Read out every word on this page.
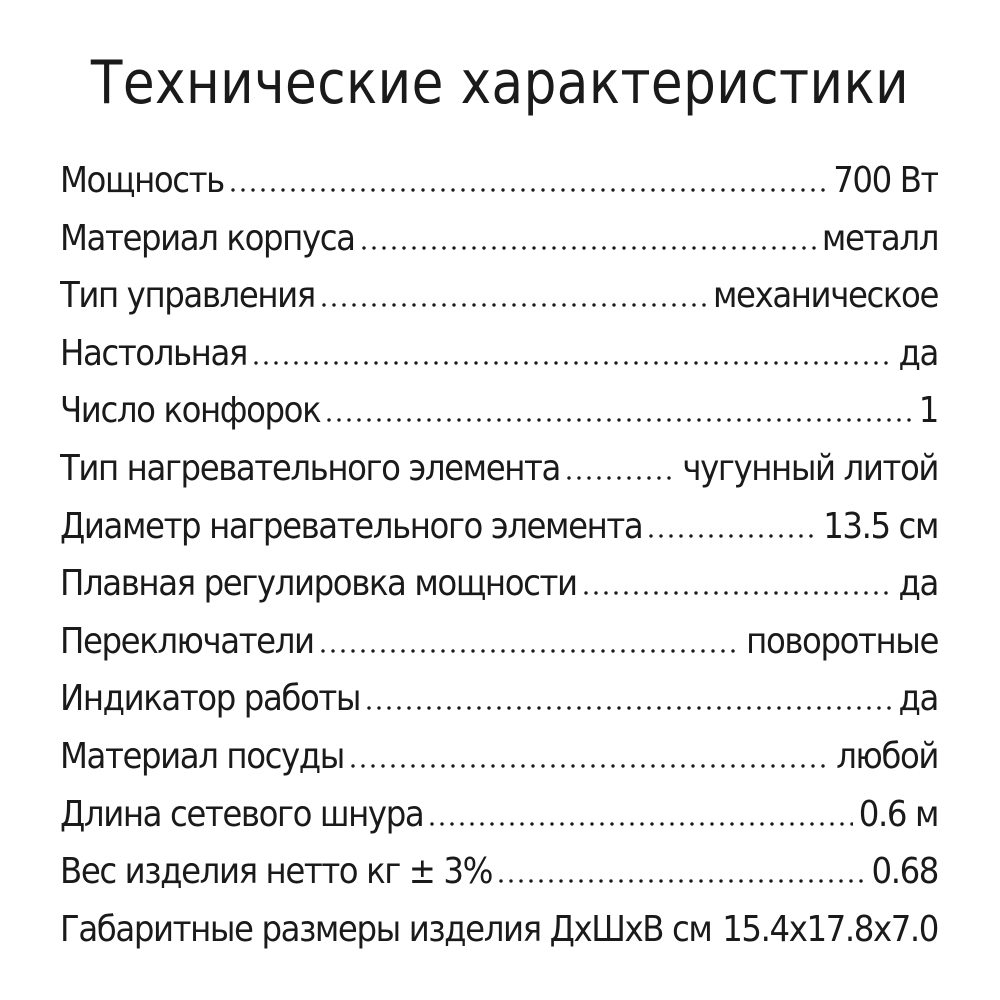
Технические характеристики
Мощность	700 Вт
Материал корпуса	металл
Тип управления	механическое
Настольная	да
Число конфорок	1
Тип нагревательного элемента	чугунный литой
Диаметр нагревательного элемента	13.5 см
Плавная регулировка мощности	да
Переключатели	поворотные
Индикатор работы	да
Материал посуды	любой
Длина сетевого шнура	0.6 м
Вес изделия нетто кг ± 3%	0.68
Габаритные размеры изделия ДхШхВ см 15.4х17.8х7.0
